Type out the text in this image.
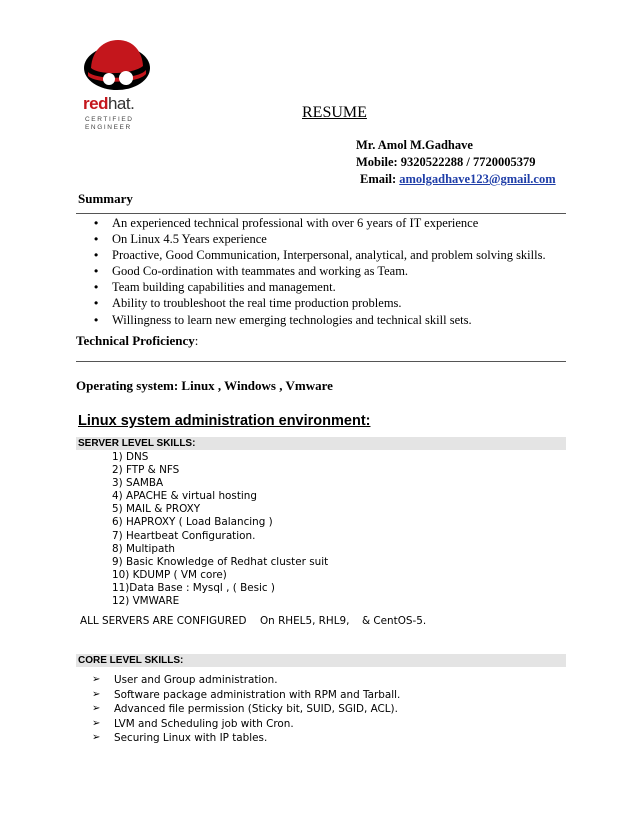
redhat.
CERTIFIED
ENGINEER
RESUME
Mr. Amol M.Gadhave
Mobile: 9320522288 / 7720005379
Email: amolgadhave123@gmail.com
Summary
• An experienced technical professional with over 6 years of IT experience
• On Linux 4.5 Years experience
• Proactive, Good Communication, Interpersonal, analytical, and problem solving skills.
• Good Co-ordination with teammates and working as Team.
• Team building capabilities and management.
• Ability to troubleshoot the real time production problems.
• Willingness to learn new emerging technologies and technical skill sets.
Technical Proficiency:
Operating system: Linux , Windows , Vmware
Linux system administration environment:
SERVER LEVEL SKILLS:
1) DNS
2) FTP & NFS
3) SAMBA
4) APACHE & virtual hosting
5) MAIL & PROXY
6) HAPROXY ( Load Balancing )
7) Heartbeat Configuration.
8) Multipath
9) Basic Knowledge of Redhat cluster suit
10) KDUMP ( VM core)
11)Data Base : Mysql , ( Besic )
12) VMWARE
ALL SERVERS ARE CONFIGURED On RHEL5, RHL9, & CentOS-5.
CORE LEVEL SKILLS:
➢ User and Group administration.
➢ Software package administration with RPM and Tarball.
➢ Advanced file permission (Sticky bit, SUID, SGID, ACL).
➢ LVM and Scheduling job with Cron.
➢ Securing Linux with IP tables.
